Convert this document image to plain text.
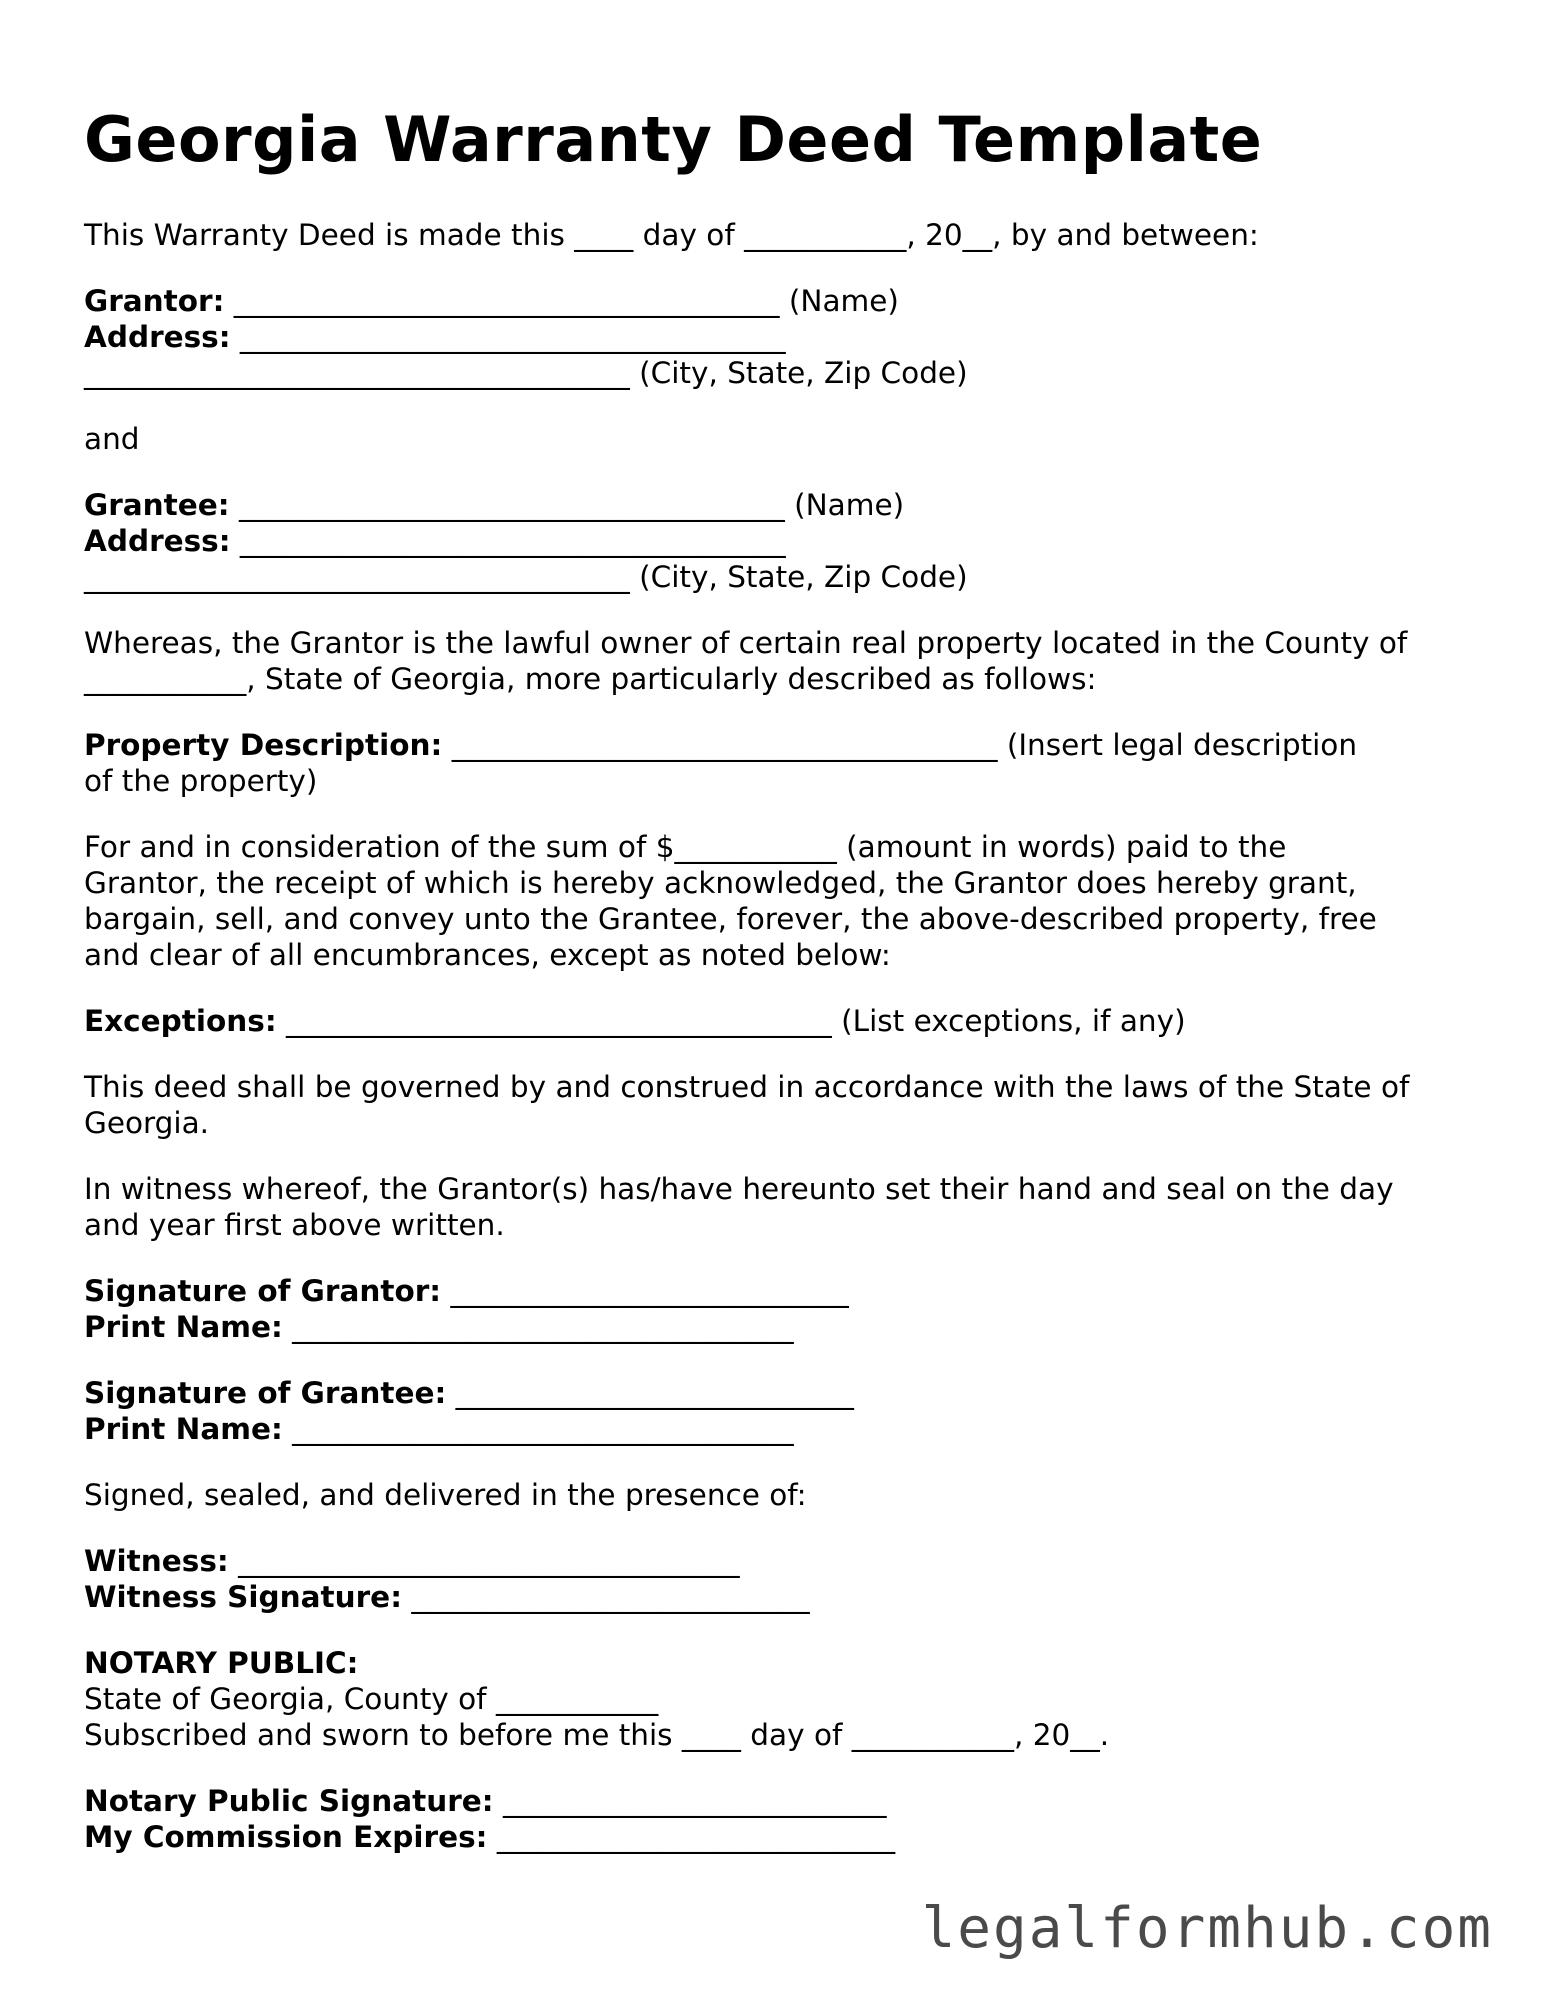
Georgia Warranty Deed Template
This Warranty Deed is made this ____ day of ___________, 20__, by and between:
Grantor: _____________________________________ (Name)
Address: _____________________________________
_____________________________________ (City, State, Zip Code)
and
Grantee: _____________________________________ (Name)
Address: _____________________________________
_____________________________________ (City, State, Zip Code)
Whereas, the Grantor is the lawful owner of certain real property located in the County of
___________, State of Georgia, more particularly described as follows:
Property Description: _____________________________________ (Insert legal description
of the property)
For and in consideration of the sum of $___________ (amount in words) paid to the
Grantor, the receipt of which is hereby acknowledged, the Grantor does hereby grant,
bargain, sell, and convey unto the Grantee, forever, the above-described property, free
and clear of all encumbrances, except as noted below:
Exceptions: _____________________________________ (List exceptions, if any)
This deed shall be governed by and construed in accordance with the laws of the State of
Georgia.
In witness whereof, the Grantor(s) has/have hereunto set their hand and seal on the day
and year first above written.
Signature of Grantor: ___________________________
Print Name: __________________________________
Signature of Grantee: ___________________________
Print Name: __________________________________
Signed, sealed, and delivered in the presence of:
Witness: __________________________________
Witness Signature: ___________________________
NOTARY PUBLIC:
State of Georgia, County of ___________
Subscribed and sworn to before me this ____ day of ___________, 20__.
Notary Public Signature: __________________________
My Commission Expires: ___________________________
legalformhub.com
